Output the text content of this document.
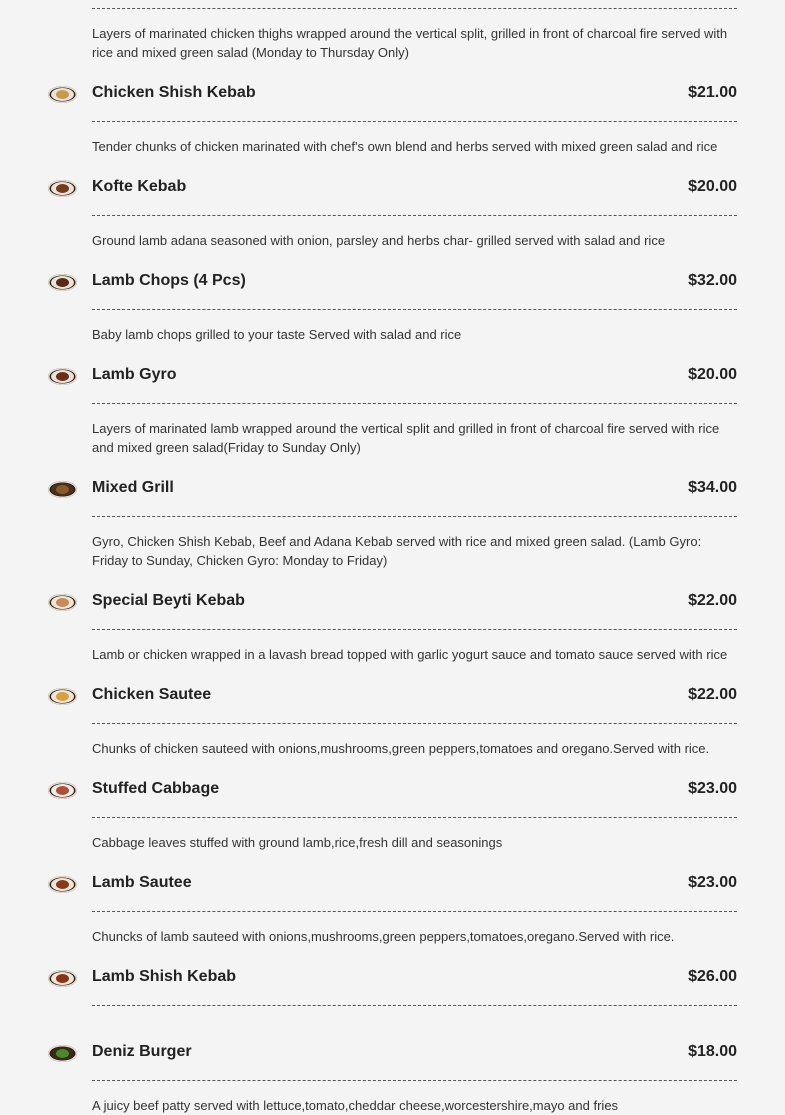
Layers of marinated chicken thighs wrapped around the vertical split, grilled in front of charcoal fire served with rice and mixed green salad (Monday to Thursday Only)
Chicken Shish Kebab	$21.00
Tender chunks of chicken marinated with chef's own blend and herbs served with mixed green salad and rice
Kofte Kebab	$20.00
Ground lamb adana seasoned with onion, parsley and herbs char- grilled served with salad and rice
Lamb Chops (4 Pcs)	$32.00
Baby lamb chops grilled to your taste Served with salad and rice
Lamb Gyro	$20.00
Layers of marinated lamb wrapped around the vertical split and grilled in front of charcoal fire served with rice and mixed green salad(Friday to Sunday Only)
Mixed Grill	$34.00
Gyro, Chicken Shish Kebab, Beef and Adana Kebab served with rice and mixed green salad. (Lamb Gyro: Friday to Sunday, Chicken Gyro: Monday to Friday)
Special Beyti Kebab	$22.00
Lamb or chicken wrapped in a lavash bread topped with garlic yogurt sauce and tomato sauce served with rice
Chicken Sautee	$22.00
Chunks of chicken sauteed with onions,mushrooms,green peppers,tomatoes and oregano.Served with rice.
Stuffed Cabbage	$23.00
Cabbage leaves stuffed with ground lamb,rice,fresh dill and seasonings
Lamb Sautee	$23.00
Chuncks of lamb sauteed with onions,mushrooms,green peppers,tomatoes,oregano.Served with rice.
Lamb Shish Kebab	$26.00
Deniz Burger	$18.00
A juicy beef patty served with lettuce,tomato,cheddar cheese,worcestershire,mayo and fries
